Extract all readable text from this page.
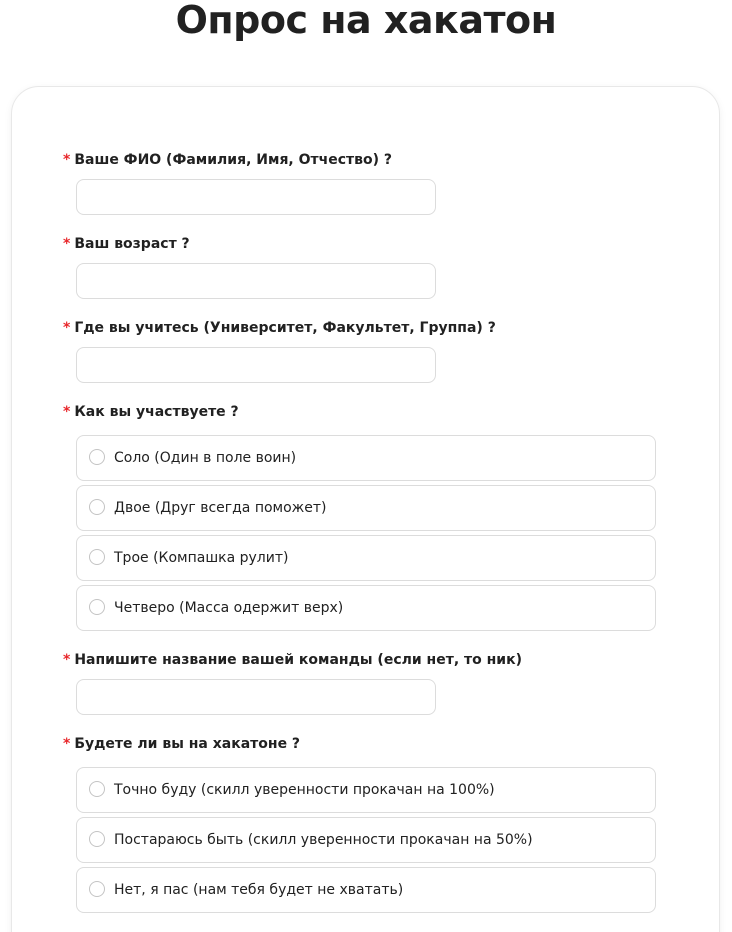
Опрос на хакатон
* Ваше ФИО (Фамилия, Имя, Отчество) ?
* Ваш возраст ?
* Где вы учитесь (Университет, Факультет, Группа) ?
* Как вы участвуете ?
Соло (Один в поле воин)
Двое (Друг всегда поможет)
Трое (Компашка рулит)
Четверо (Масса одержит верх)
* Напишите название вашей команды (если нет, то ник)
* Будете ли вы на хакатоне ?
Точно буду (скилл уверенности прокачан на 100%)
Постараюсь быть (скилл уверенности прокачан на 50%)
Нет, я пас (нам тебя будет не хватать)
